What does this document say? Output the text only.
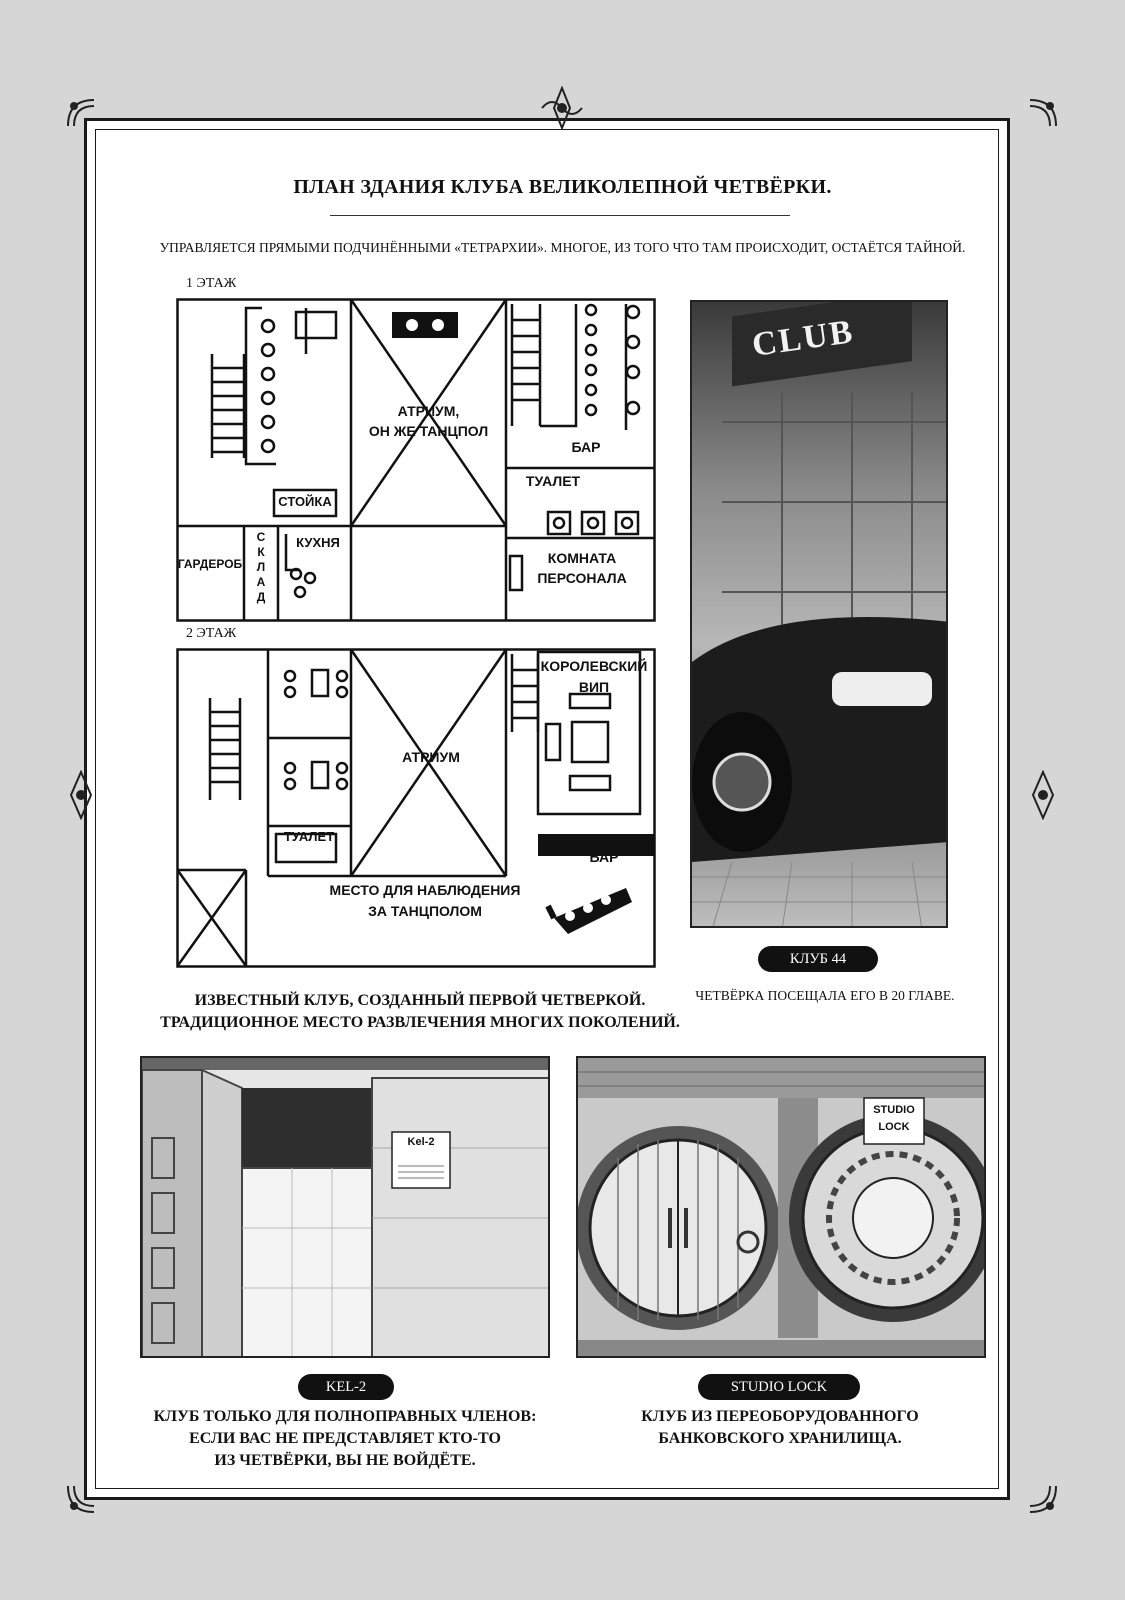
ПЛАН ЗДАНИЯ КЛУБА ВЕЛИКОЛЕПНОЙ ЧЕТВЁРКИ.
УПРАВЛЯЕТСЯ ПРЯМЫМИ ПОДЧИНЁННЫМИ «ТЕТРАРХИИ». МНОГОЕ, ИЗ ТОГО ЧТО ТАМ ПРОИСХОДИТ, ОСТАЁТСЯ ТАЙНОЙ.
1 ЭТАЖ
АТРИУМ,
ОН ЖЕ ТАНЦПОЛ
БАР
ТУАЛЕТ
СТОЙКА
ГАРДЕРОБ
С
К
Л
А
Д
КУХНЯ
КОМНАТА
ПЕРСОНАЛА
2 ЭТАЖ
АТРИУМ
КОРОЛЕВСКИЙ
ВИП
ТУАЛЕТ
БАР
МЕСТО ДЛЯ НАБЛЮДЕНИЯ
ЗА ТАНЦПОЛОМ
CLUB
КЛУБ 44
ИЗВЕСТНЫЙ КЛУБ, СОЗДАННЫЙ ПЕРВОЙ ЧЕТВЕРКОЙ.
ТРАДИЦИОННОЕ МЕСТО РАЗВЛЕЧЕНИЯ МНОГИХ ПОКОЛЕНИЙ.
ЧЕТВЁРКА ПОСЕЩАЛА ЕГО В 20 ГЛАВЕ.
Kel-2
KEL-2
КЛУБ ТОЛЬКО ДЛЯ ПОЛНОПРАВНЫХ ЧЛЕНОВ:
ЕСЛИ ВАС НЕ ПРЕДСТАВЛЯЕТ КТО-ТО
ИЗ ЧЕТВЁРКИ, ВЫ НЕ ВОЙДЁТЕ.
STUDIO
LOCK
STUDIO LOCK
КЛУБ ИЗ ПЕРЕОБОРУДОВАННОГО
БАНКОВСКОГО ХРАНИЛИЩА.
